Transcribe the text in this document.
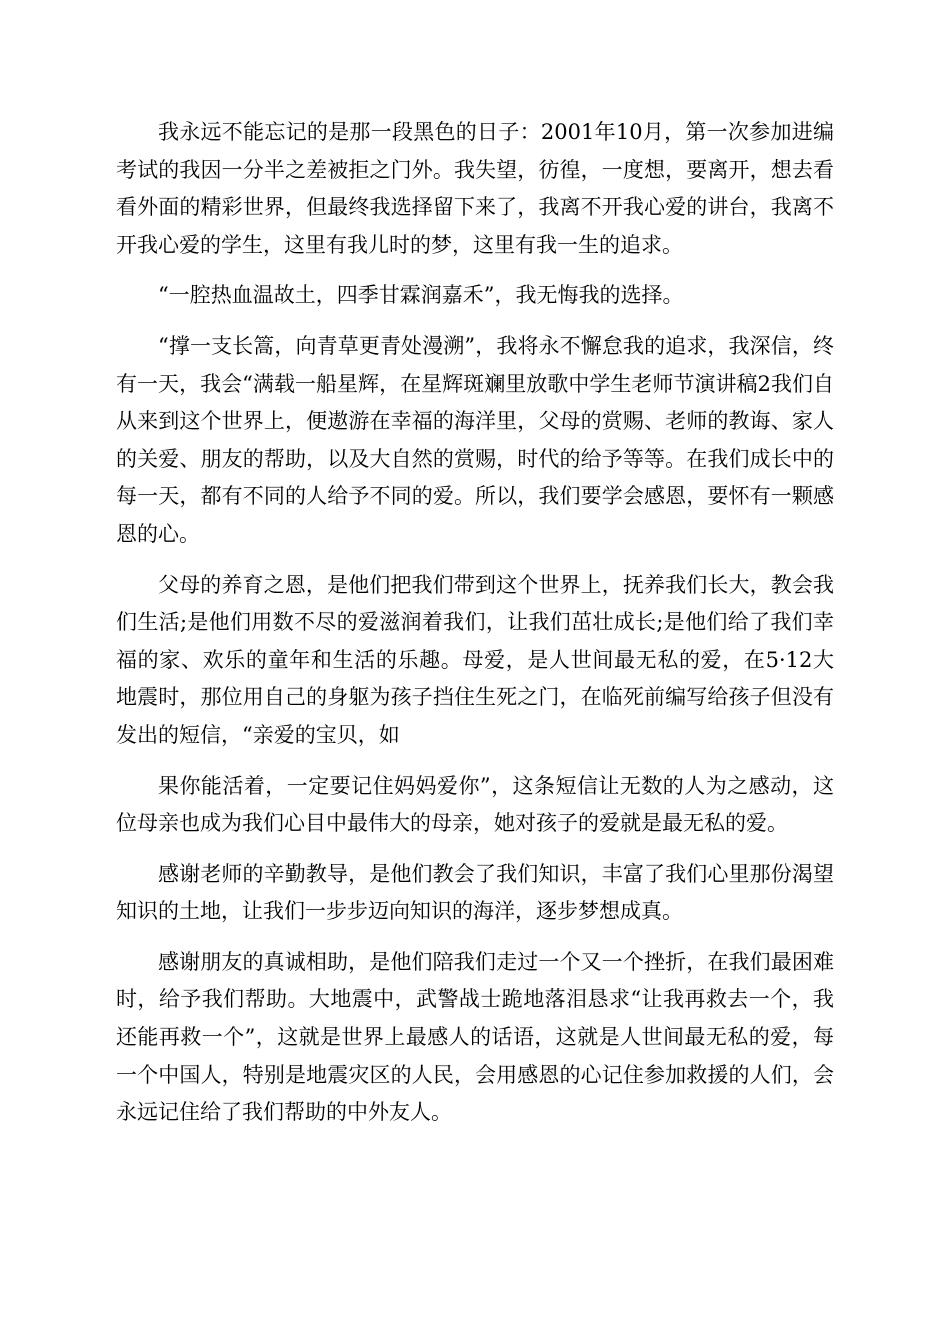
我永远不能忘记的是那一段黑色的日子：2001年10月，第一次参加进编考试的我因一分半之差被拒之门外。我失望，彷徨，一度想，要离开，想去看看外面的精彩世界，但最终我选择留下来了，我离不开我心爱的讲台，我离不开我心爱的学生，这里有我儿时的梦，这里有我一生的追求。

“一腔热血温故土，四季甘霖润嘉禾”，我无悔我的选择。

“撑一支长篙，向青草更青处漫溯”，我将永不懈怠我的追求，我深信，终有一天，我会“满载一船星辉，在星辉斑斓里放歌中学生老师节演讲稿2我们自从来到这个世界上，便遨游在幸福的海洋里，父母的赏赐、老师的教诲、家人的关爱、朋友的帮助，以及大自然的赏赐，时代的给予等等。在我们成长中的每一天，都有不同的人给予不同的爱。所以，我们要学会感恩，要怀有一颗感恩的心。

父母的养育之恩，是他们把我们带到这个世界上，抚养我们长大，教会我们生活;是他们用数不尽的爱滋润着我们，让我们茁壮成长;是他们给了我们幸福的家、欢乐的童年和生活的乐趣。母爱，是人世间最无私的爱，在5·12大地震时，那位用自己的身躯为孩子挡住生死之门，在临死前编写给孩子但没有发出的短信，“亲爱的宝贝，如

果你能活着，一定要记住妈妈爱你”，这条短信让无数的人为之感动，这位母亲也成为我们心目中最伟大的母亲，她对孩子的爱就是最无私的爱。

感谢老师的辛勤教导，是他们教会了我们知识，丰富了我们心里那份渴望知识的土地，让我们一步步迈向知识的海洋，逐步梦想成真。

感谢朋友的真诚相助，是他们陪我们走过一个又一个挫折，在我们最困难时，给予我们帮助。大地震中，武警战士跪地落泪恳求“让我再救去一个，我还能再救一个”，这就是世界上最感人的话语，这就是人世间最无私的爱，每一个中国人，特别是地震灾区的人民，会用感恩的心记住参加救援的人们，会永远记住给了我们帮助的中外友人。
